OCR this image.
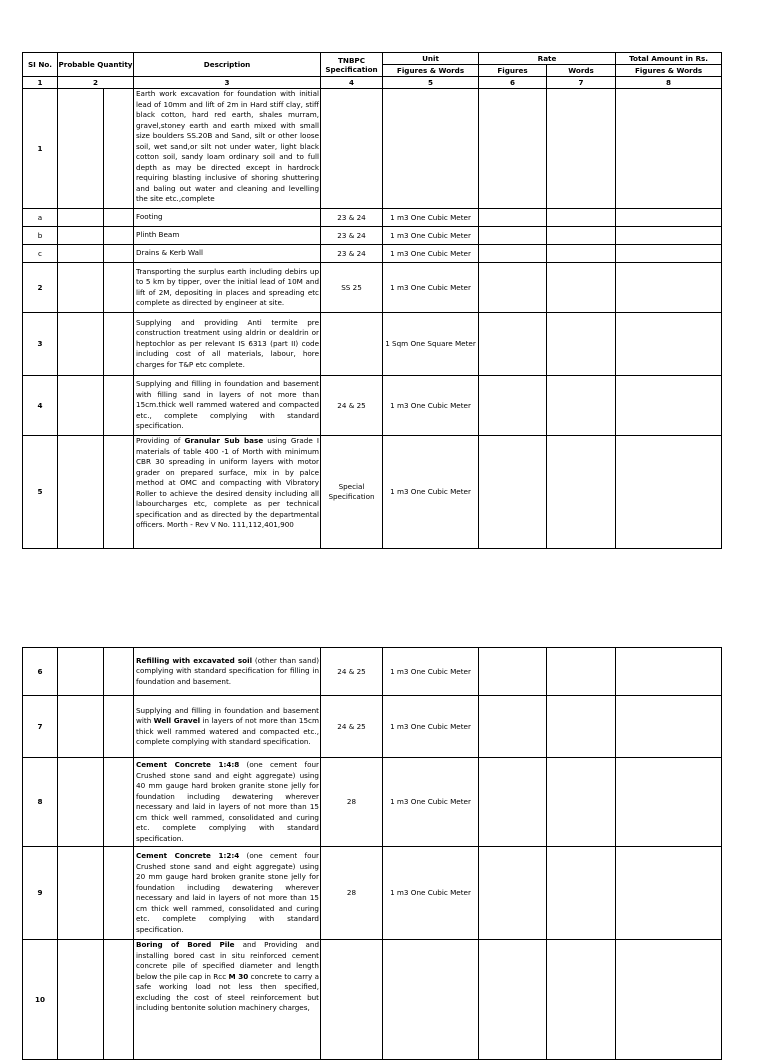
SI No.	Probable Quantity		Description	TNBPC Specification	Unit	Rate		Total Amount in Rs.
					Figures & Words	Figures	Words	Figures & Words
1	2		3	4	5	6	7	8
1			Earth work excavation for foundation with initial lead of 10mm and lift of 2m in Hard stiff clay, stiff black cotton, hard red earth, shales murram, gravel,stoney earth and earth mixed with small size boulders SS.20B and Sand, silt or other loose soil, wet sand,or silt not under water, light black cotton soil, sandy loam ordinary soil and to full depth as may be directed except in hardrock requiring blasting inclusive of shoring shuttering and baling out water and cleaning and levelling the site etc.,complete					
a			Footing	23 & 24	1 m3 One Cubic Meter			
b			Plinth Beam	23 & 24	1 m3 One Cubic Meter			
c			Drains & Kerb Wall	23 & 24	1 m3 One Cubic Meter			
2			Transporting the surplus earth including debirs up to 5 km by tipper, over the initial lead of 10M and lift of 2M, depositing in places and spreading etc complete as directed by engineer at site.	SS 25	1 m3 One Cubic Meter			
3			Supplying and providing Anti termite pre construction treatment using aldrin or dealdrin or heptochlor as per relevant IS 6313 (part II) code including cost of all materials, labour, hore charges for T&P etc complete.		1 Sqm One Square Meter			
4			Supplying and filling in foundation and basement with filling sand in layers of not more than 15cm.thick well rammed watered and compacted etc., complete complying with standard specification.	24 & 25	1 m3 One Cubic Meter			
5			Providing of Granular Sub base using Grade I materials of table 400 -1 of Morth with minimum CBR 30 spreading in uniform layers with motor grader on prepared surface, mix in by palce method at OMC and compacting with Vibratory Roller to achieve the desired density including all labourcharges etc, complete as per technical specification and as directed by the departmental officers. Morth - Rev V No. 111,112,401,900	Special Specification	1 m3 One Cubic Meter			
6			Refilling with excavated soil (other than sand) complying with standard specification for filling in foundation and basement.	24 & 25	1 m3 One Cubic Meter			
7			Supplying and filling in foundation and basement with Well Gravel in layers of not more than 15cm thick well rammed watered and compacted etc., complete complying with standard specification.	24 & 25	1 m3 One Cubic Meter			
8			Cement Concrete 1:4:8 (one cement four Crushed stone sand and eight aggregate) using 40 mm gauge hard broken granite stone jelly for foundation including dewatering wherever necessary and laid in layers of not more than 15 cm thick well rammed, consolidated and curing etc. complete complying with standard specification.	28	1 m3 One Cubic Meter			
9			Cement Concrete 1:2:4 (one cement four Crushed stone sand and eight aggregate) using 20 mm gauge hard broken granite stone jelly for foundation including dewatering wherever necessary and laid in layers of not more than 15 cm thick well rammed, consolidated and curing etc. complete complying with standard specification.	28	1 m3 One Cubic Meter			
10			Boring of Bored Pile and Providing and installing bored cast in situ reinforced cement concrete pile of specified diameter and length below the pile cap in Rcc M 30 concrete to carry a safe working load not less then specified, excluding the cost of steel reinforcement but including bentonite solution machinery charges,					
